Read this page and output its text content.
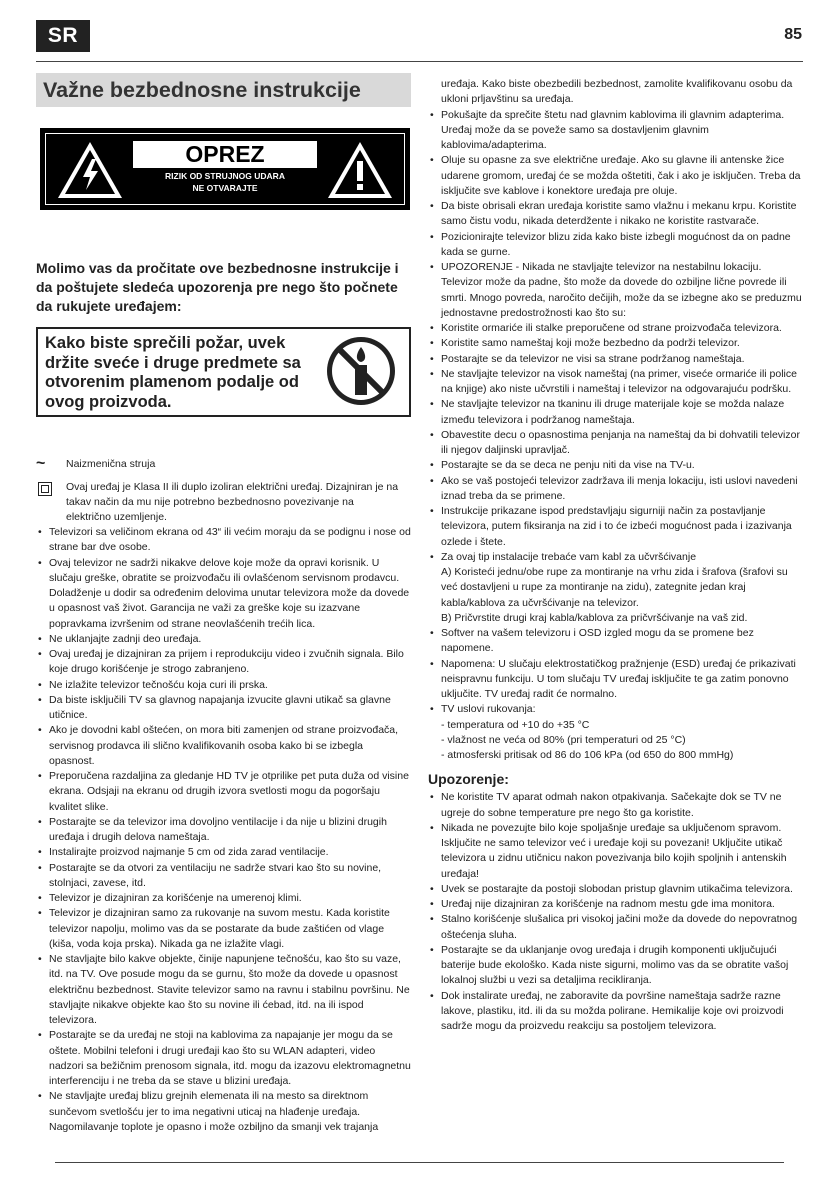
SR	85
Važne bezbednosne instrukcije
OPREZ
RIZIK OD STRUJNOG UDARA
NE OTVARAJTE
Molimo vas da pročitate ove bezbednosne instrukcije i da poštujete sledeća upozorenja pre nego što počnete da rukujete uređajem:
Kako biste sprečili požar, uvek držite sveće i druge predmete sa otvorenim plamenom podalje od ovog proizvoda.
~	Naizmenična struja
Ovaj uređaj je Klasa II ili duplo izoliran električni uređaj. Dizajniran je na takav način da mu nije potrebno bezbednosno povezivanje na električno uzemljenje.
• Televizori sa veličinom ekrana od 43“ ili većim moraju da se podignu i nose od strane bar dve osobe.
• Ovaj televizor ne sadrži nikakve delove koje može da opravi korisnik. U slučaju greške, obratite se proizvođaču ili ovlašćenom servisnom prodavcu. Doladženje u dodir sa određenim delovima unutar televizora može da dovede u opasnost vaš život. Garancija ne važi za greške koje su izazvane popravkama izvršenim od strane neovlašćenih trećih lica.
• Ne uklanjajte zadnji deo uređaja.
• Ovaj uređaj je dizajniran za prijem i reprodukciju video i zvučnih signala. Bilo koje drugo korišćenje je strogo zabranjeno.
• Ne izlažite televizor tečnošću koja curi ili prska.
• Da biste isključili TV sa glavnog napajanja izvucite glavni utikač sa glavne utičnice.
• Ako je dovodni kabl oštećen, on mora biti zamenjen od strane proizvođača, servisnog prodavca ili slično kvalifikovanih osoba kako bi se izbegla opasnost.
• Preporučena razdaljina za gledanje HD TV je otprilike pet puta duža od visine ekrana. Odsjaji na ekranu od drugih izvora svetlosti mogu da pogoršaju kvalitet slike.
• Postarajte se da televizor ima dovoljno ventilacije i da nije u blizini drugih uređaja i drugih delova nameštaja.
• Instalirajte proizvod najmanje 5 cm od zida zarad ventilacije.
• Postarajte se da otvori za ventilaciju ne sadrže stvari kao što su novine, stolnjaci, zavese, itd.
• Televizor je dizajniran za korišćenje na umerenoj klimi.
• Televizor je dizajniran samo za rukovanje na suvom mestu. Kada koristite televizor napolju, molimo vas da se postarate da bude zaštićen od vlage (kiša, voda koja prska). Nikada ga ne izlažite vlagi.
• Ne stavljajte bilo kakve objekte, činije napunjene tečnošću, kao što su vaze, itd. na TV. Ove posude mogu da se gurnu, što može da dovede u opasnost električnu bezbednost. Stavite televizor samo na ravnu i stabilnu površinu. Ne stavljajte nikakve objekte kao što su novine ili ćebad, itd. na ili ispod televizora.
• Postarajte se da uređaj ne stoji na kablovima za napajanje jer mogu da se oštete. Mobilni telefoni i drugi uređaji kao što su WLAN adapteri, video nadzori sa bežičnim prenosom signala, itd. mogu da izazovu elektromagnetnu interferenciju i ne treba da se stave u blizini uređaja.
• Ne stavljajte uređaj blizu grejnih elemenata ili na mesto sa direktnom sunčevom svetlošću jer to ima negativni uticaj na hlađenje uređaja. Nagomilavanje toplote je opasno i može ozbiljno da smanji vek trajanja
uređaja. Kako biste obezbedili bezbednost, zamolite kvalifikovanu osobu da ukloni prljavštinu sa uređaja.
• Pokušajte da sprečite štetu nad glavnim kablovima ili glavnim adapterima. Uređaj može da se poveže samo sa dostavljenim glavnim kablovima/adapterima.
• Oluje su opasne za sve električne uređaje. Ako su glavne ili antenske žice udarene gromom, uređaj će se možda oštetiti, čak i ako je isključen. Treba da isključite sve kablove i konektore uređaja pre oluje.
• Da biste obrisali ekran uređaja koristite samo vlažnu i mekanu krpu. Koristite samo čistu vodu, nikada deterdžente i nikako ne koristite rastvarače.
• Pozicionirajte televizor blizu zida kako biste izbegli mogućnost da on padne kada se gurne.
• UPOZORENJE - Nikada ne stavljajte televizor na nestabilnu lokaciju. Televizor može da padne, što može da dovede do ozbiljne lične povrede ili smrti. Mnogo povreda, naročito dečijih, može da se izbegne ako se preduzmu jednostavne predostrožnosti kao što su:
• Koristite ormariće ili stalke preporučene od strane proizvođača televizora.
• Koristite samo nameštaj koji može bezbedno da podrži televizor.
• Postarajte se da televizor ne visi sa strane podržanog nameštaja.
• Ne stavljajte televizor na visok nameštaj (na primer, viseće ormariće ili police na knjige) ako niste učvrstili i nameštaj i televizor na odgovarajuću podršku.
• Ne stavljajte televizor na tkaninu ili druge materijale koje se možda nalaze između televizora i podržanog nameštaja.
• Obavestite decu o opasnostima penjanja na nameštaj da bi dohvatili televizor ili njegov daljinski upravljač.
• Postarajte se da se deca ne penju niti da vise na TV-u.
• Ako se vaš postojeći televizor zadržava ili menja lokaciju, isti uslovi navedeni iznad treba da se primene.
• Instrukcije prikazane ispod predstavljaju sigurniji način za postavljanje televizora, putem fiksiranja na zid i to će izbeći mogućnost pada i izazivanja ozlede i štete.
• Za ovaj tip instalacije trebaće vam kabl za učvršćivanje
A) Koristeći jednu/obe rupe za montiranje na vrhu zida i šrafova (šrafovi su već dostavljeni u rupe za montiranje na zidu), zategnite jedan kraj kabla/kablova za učvršćivanje na televizor.
B) Pričvrstite drugi kraj kabla/kablova za pričvršćivanje na vaš zid.
• Softver na vašem televizoru i OSD izgled mogu da se promene bez napomene.
• Napomena: U slučaju elektrostatičkog pražnjenje (ESD) uređaj će prikazivati neispravnu funkciju. U tom slučaju TV uređaj isključite te ga zatim ponovno uključite. TV uređaj radit će normalno.
• TV uslovi rukovanja:
- temperatura od +10 do +35 °C
- vlažnost ne veća od 80% (pri temperaturi od 25 °C)
- atmosferski pritisak od 86 do 106 kPa (od 650 do 800 mmHg)
Upozorenje:
• Ne koristite TV aparat odmah nakon otpakivanja. Sačekajte dok se TV ne ugreje do sobne temperature pre nego što ga koristite.
• Nikada ne povezujte bilo koje spoljašnje uređaje sa uključenom spravom. Isključite ne samo televizor već i uređaje koji su povezani! Uključite utikač televizora u zidnu utičnicu nakon povezivanja bilo kojih spoljnih i antenskih uređaja!
• Uvek se postarajte da postoji slobodan pristup glavnim utikačima televizora.
• Uređaj nije dizajniran za korišćenje na radnom mestu gde ima monitora.
• Stalno korišćenje slušalica pri visokoj jačini može da dovede do nepovratnog oštećenja sluha.
• Postarajte se da uklanjanje ovog uređaja i drugih komponenti uključujući baterije bude ekološko. Kada niste sigurni, molimo vas da se obratite vašoj lokalnoj službi u vezi sa detaljima recikliranja.
• Dok instalirate uređaj, ne zaboravite da površine nameštaja sadrže razne lakove, plastiku, itd. ili da su možda polirane. Hemikalije koje ovi proizvodi sadrže mogu da proizvedu reakciju sa postoljem televizora.
